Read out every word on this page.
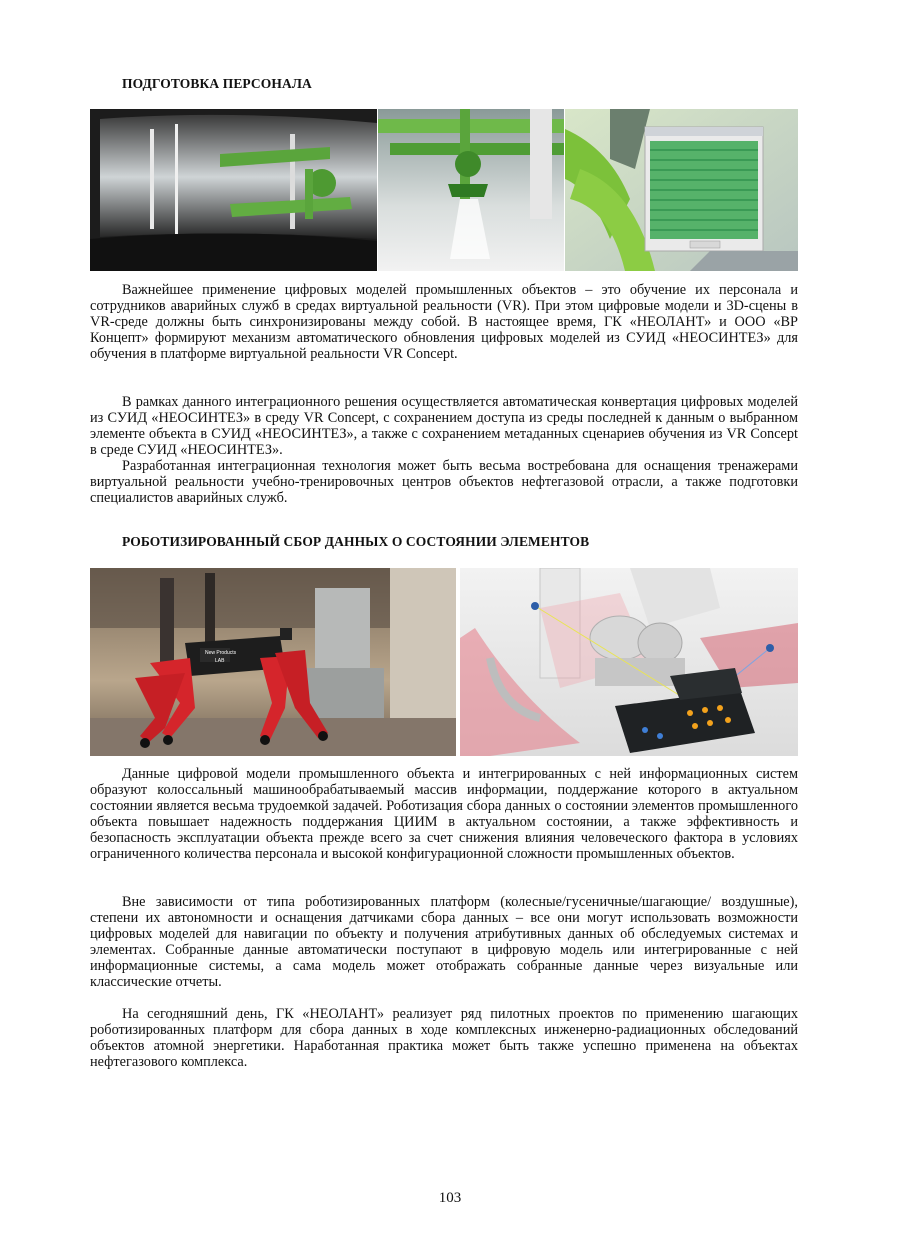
ПОДГОТОВКА ПЕРСОНАЛА

Важнейшее применение цифровых моделей промышленных объектов – это обучение их персонала и сотрудников аварийных служб в средах виртуальной реальности (VR). При этом цифровые модели и 3D-сцены в VR-среде должны быть синхронизированы между собой. В настоящее время, ГК «НЕОЛАНТ» и ООО «ВР Концепт» формируют механизм автоматического обновления цифровых моделей из СУИД «НЕОСИНТЕЗ» для обучения в платформе виртуальной реальности VR Concept.

В рамках данного интеграционного решения осуществляется автоматическая конвертация цифровых моделей из СУИД «НЕОСИНТЕЗ» в среду VR Concept, с сохранением доступа из среды последней к данным о выбранном элементе объекта в СУИД «НЕОСИНТЕЗ», а также с сохранением метаданных сценариев обучения из VR Concept в среде СУИД «НЕОСИНТЕЗ».

Разработанная интеграционная технология может быть весьма востребована для оснащения тренажерами виртуальной реальности учебно-тренировочных центров объектов нефтегазовой отрасли, а также подготовки специалистов аварийных служб.

РОБОТИЗИРОВАННЫЙ СБОР ДАННЫХ О СОСТОЯНИИ ЭЛЕМЕНТОВ
New Products
LAB

Данные цифровой модели промышленного объекта и интегрированных с ней информационных систем образуют колоссальный машинообрабатываемый массив информации, поддержание которого в актуальном состоянии является весьма трудоемкой задачей. Роботизация сбора данных о состоянии элементов промышленного объекта повышает надежность поддержания ЦИИМ в актуальном состоянии, а также эффективность и безопасность эксплуатации объекта прежде всего за счет снижения влияния человеческого фактора в условиях ограниченного количества персонала и высокой конфигурационной сложности промышленных объектов.

Вне зависимости от типа роботизированных платформ (колесные/гусеничные/шагающие/ воздушные), степени их автономности и оснащения датчиками сбора данных – все они могут использовать возможности цифровых моделей для навигации по объекту и получения атрибутивных данных об обследуемых системах и элементах. Собранные данные автоматически поступают в цифровую модель или интегрированные с ней информационные системы, а сама модель может отображать собранные данные через визуальные или классические отчеты.

На сегодняшний день, ГК «НЕОЛАНТ» реализует ряд пилотных проектов по применению шагающих роботизированных платформ для сбора данных в ходе комплексных инженерно-радиационных обследований объектов атомной энергетики. Наработанная практика может быть также успешно применена на объектах нефтегазового комплекса.

103
